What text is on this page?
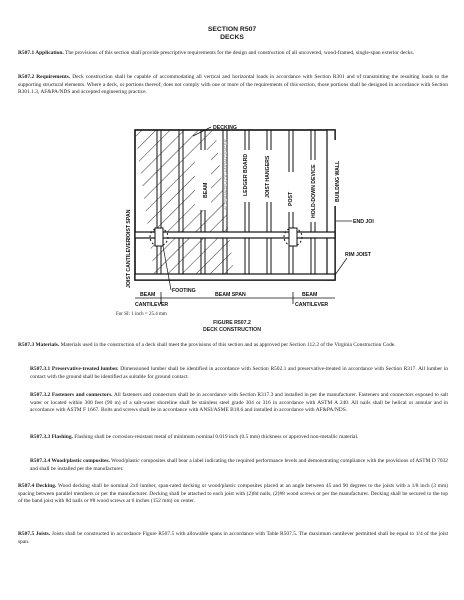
SECTION R507
DECKS

R507.1 Application. The provisions of this section shall provide prescriptive requirements for the design and construction of all uncovered, wood-framed, single-span exterior decks.

R507.2 Requirements. Deck construction shall be capable of accommodating all vertical and horizontal loads in accordance with Section R301 and of transmitting the resulting loads to the supporting structural elements. Where a deck, or portions thereof, does not comply with one or more of the requirements of this section, those portions shall be designed in accordance with Section R301.1.3, AF&PA/NDS and accepted engineering practice.

DECKING
JOIST SPAN
JOIST CANTILEVER
BEAM	ALTERNATE LOCATION CENTER	LEDGER BOARD	JOIST HANGERS
POST	HOLD-DOWN DEVICE	BUILDING WALL
END JOI
RIM JOIST
FOOTING
BEAM
CANTILEVER
BEAM SPAN	BEAM
CANTILEVER
For SI: 1 inch = 25.4 mm
FIGURE R507.2
DECK CONSTRUCTION

R507.3 Materials. Materials used in the construction of a deck shall meet the provisions of this section and as approved per Section 112.2 of the Virginia Construction Code.

R507.3.1 Preservative-treated lumber. Dimensioned lumber shall be identified in accordance with Section R502.1 and preservative-treated in accordance with Section R317. All lumber in contact with the ground shall be identified as suitable for ground contact.

R507.3.2 Fasteners and connectors. All fasteners and connectors shall be in accordance with Section R317.3 and installed in per the manufacturer. Fasteners and connectors exposed to salt water or located within 300 feet (90 m) of a salt-water shoreline shall be stainless steel grade 304 or 316 in accordance with ASTM A 240. All nails shall be helical or annular and in accordance with ASTM F 1667. Bolts and screws shall be in accordance with ANSI/ASME B18.6 and installed in accordance with AF&PA/NDS.

R507.3.3 Flashing. Flashing shall be corrosion-resistant metal of minimum nominal 0.019 inch (0.5 mm) thickness or approved non-metallic material.

R507.3.4 Wood/plastic composites. Wood/plastic composites shall bear a label indicating the required performance levels and demonstrating compliance with the provisions of ASTM D 7032 and shall be installed per the manufacturer.

R507.4 Decking. Wood decking shall be nominal 2x6 lumber, span-rated decking or wood/plastic composites placed at an angle between 45 and 90 degrees to the joists with a 1/8 inch (3 mm) spacing between parallel members or per the manufacturer. Decking shall be attached to each joist with (2)8d nails, (2)#8 wood screws or per the manufacturer. Decking shall be secured to the top of the band joist with 8d nails or #8 wood screws at 6 inches (152 mm) on center.

R507.5 Joists. Joists shall be constructed in accordance Figure R507.5 with allowable spans in accordance with Table R507.5. The maximum cantilever permitted shall be equal to 1/4 of the joist span.
